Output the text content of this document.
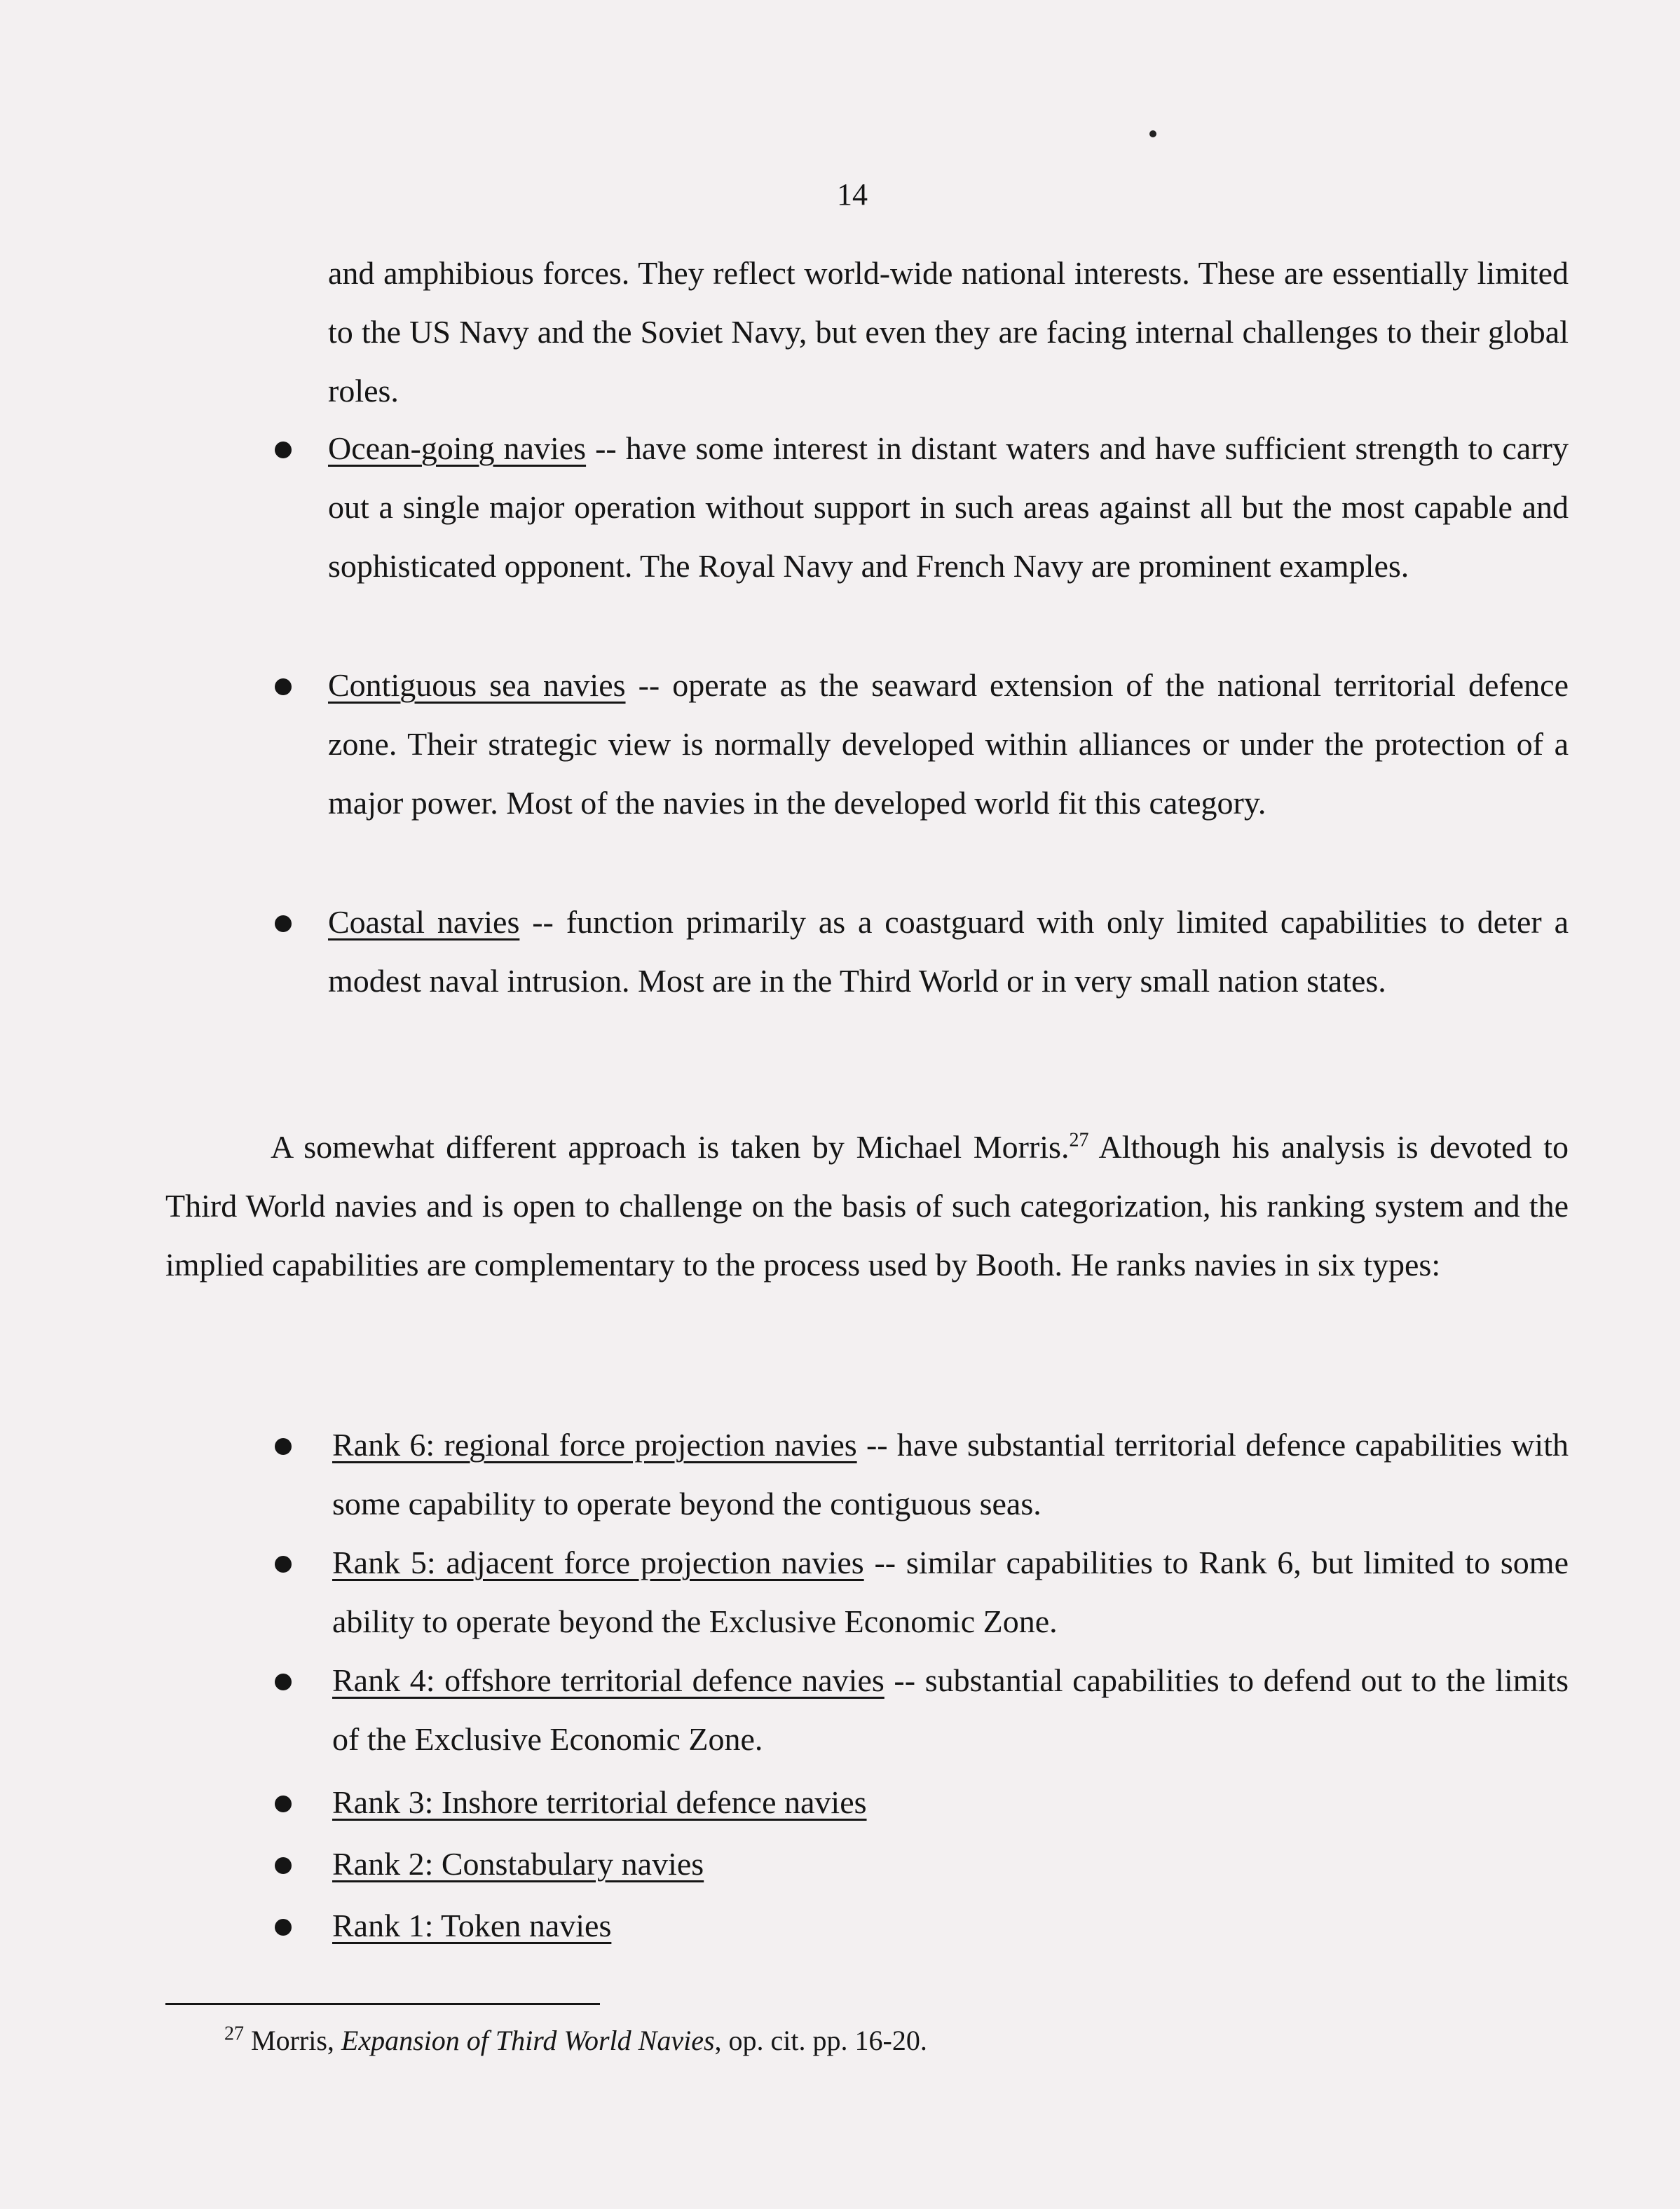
14

and amphibious forces. They reflect world-wide national interests. These are essentially limited to the US Navy and the Soviet Navy, but even they are facing internal challenges to their global roles.

Ocean-going navies -- have some interest in distant waters and have sufficient strength to carry out a single major operation without support in such areas against all but the most capable and sophisticated opponent. The Royal Navy and French Navy are prominent examples.
Contiguous sea navies -- operate as the seaward extension of the national territorial defence zone. Their strategic view is normally developed within alliances or under the protection of a major power. Most of the navies in the developed world fit this category.
Coastal navies -- function primarily as a coastguard with only limited capabilities to deter a modest naval intrusion. Most are in the Third World or in very small nation states.

A somewhat different approach is taken by Michael Morris.$^{27}$ Although his analysis is devoted to Third World navies and is open to challenge on the basis of such categorization, his ranking system and the implied capabilities are complementary to the process used by Booth. He ranks navies in six types:

Rank 6: regional force projection navies -- have substantial territorial defence capabilities with some capability to operate beyond the contiguous seas.
Rank 5: adjacent force projection navies -- similar capabilities to Rank 6, but limited to some ability to operate beyond the Exclusive Economic Zone.
Rank 4: offshore territorial defence navies -- substantial capabilities to defend out to the limits of the Exclusive Economic Zone.
Rank 3: Inshore territorial defence navies
Rank 2: Constabulary navies
Rank 1: Token navies
$^{27}$ Morris, Expansion of Third World Navies, op. cit. pp. 16-20.
